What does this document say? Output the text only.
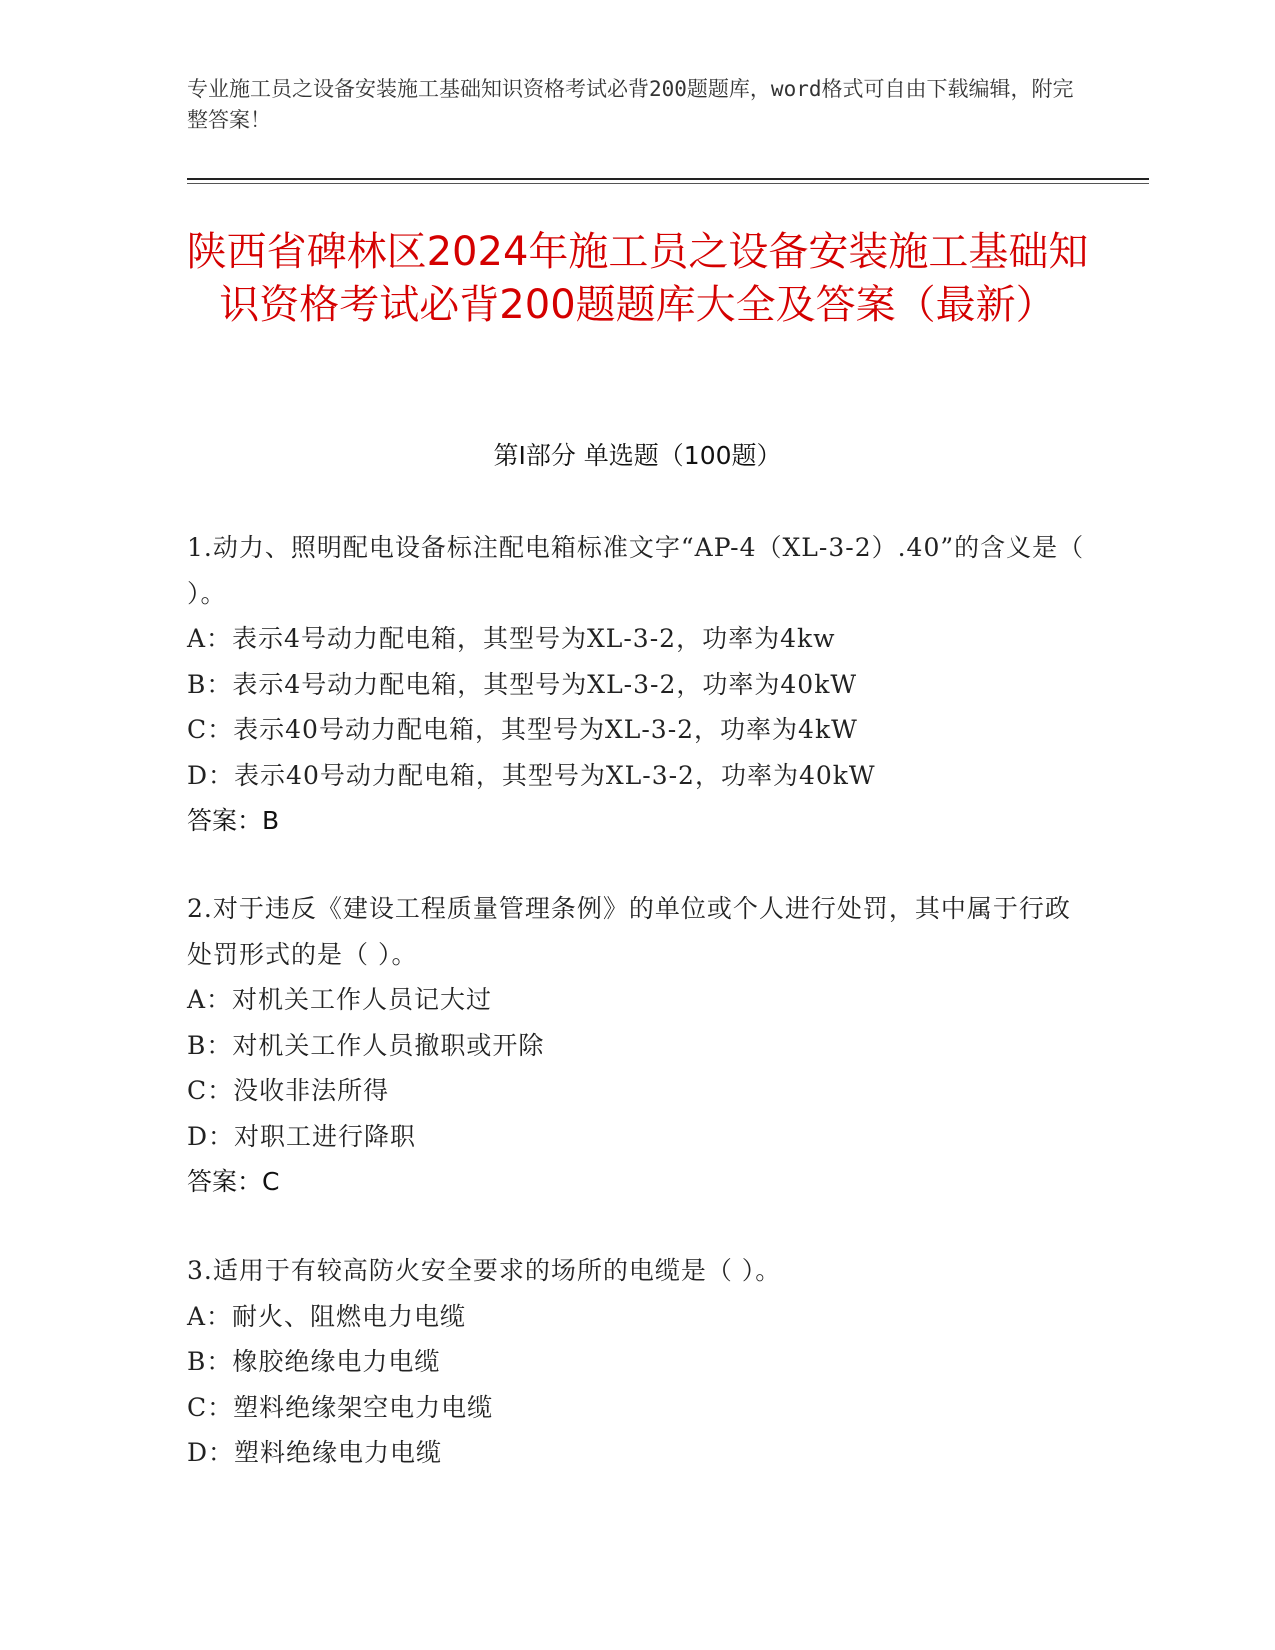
专业施工员之设备安装施工基础知识资格考试必背200题题库，word格式可自由下载编辑，附完整答案！
陕西省碑林区2024年施工员之设备安装施工基础知识资格考试必背200题题库大全及答案（最新）
第Ⅰ部分 单选题（100题）
1.动力、照明配电设备标注配电箱标准文字“AP-4（XL-3-2）.40”的含义是（ ）。
A：表示4号动力配电箱，其型号为XL-3-2，功率为4kw
B：表示4号动力配电箱，其型号为XL-3-2，功率为40kW
C：表示40号动力配电箱，其型号为XL-3-2，功率为4kW
D：表示40号动力配电箱，其型号为XL-3-2，功率为40kW
答案：B
2.对于违反《建设工程质量管理条例》的单位或个人进行处罚，其中属于行政处罚形式的是（ ）。
A：对机关工作人员记大过
B：对机关工作人员撤职或开除
C：没收非法所得
D：对职工进行降职
答案：C
3.适用于有较高防火安全要求的场所的电缆是（ ）。
A：耐火、阻燃电力电缆
B：橡胶绝缘电力电缆
C：塑料绝缘架空电力电缆
D：塑料绝缘电力电缆
